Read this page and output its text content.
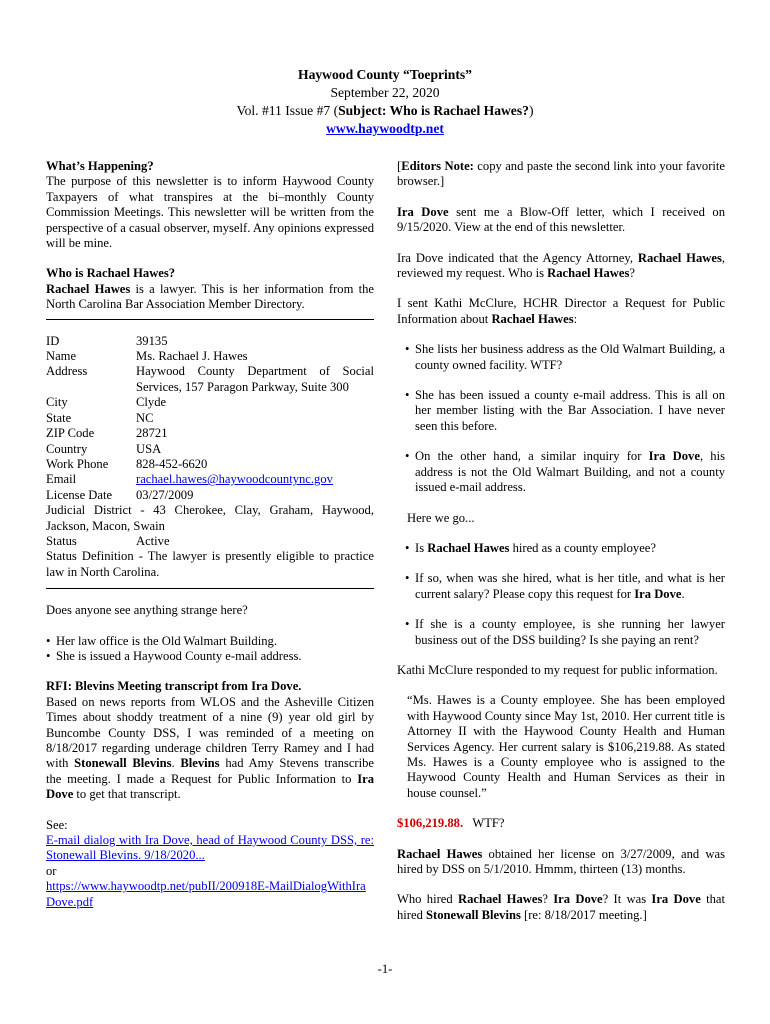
Haywood County “Toeprints”
September 22, 2020
Vol. #11 Issue #7 (Subject: Who is Rachael Hawes?)
www.haywoodtp.net

What’s Happening?

The purpose of this newsletter is to inform Haywood County Taxpayers of what transpires at the bi–monthly County Commission Meetings. This newsletter will be written from the perspective of a casual observer, myself. Any opinions expressed will be mine.

Who is Rachael Hawes?

Rachael Hawes is a lawyer. This is her information from the North Carolina Bar Association Member Directory.

ID	39135
Name	Ms. Rachael J. Hawes
Address	Haywood County Department of Social Services, 157 Paragon Parkway, Suite 300
City	Clyde
State	NC
ZIP Code	28721
Country	USA
Work Phone	828-452-6620
Email	rachael.hawes@haywoodcountync.gov
License Date	03/27/2009
Judicial District - 43 Cherokee, Clay, Graham, Haywood, Jackson, Macon, Swain
Status	Active
Status Definition - The lawyer is presently eligible to practice law in North Carolina.

Does anyone see anything strange here?

• Her law office is the Old Walmart Building.
• She is issued a Haywood County e-mail address.

RFI: Blevins Meeting transcript from Ira Dove.

Based on news reports from WLOS and the Asheville Citizen Times about shoddy treatment of a nine (9) year old girl by Buncombe County DSS, I was reminded of a meeting on 8/18/2017 regarding underage children Terry Ramey and I had with Stonewall Blevins. Blevins had Amy Stevens transcribe the meeting. I made a Request for Public Information to Ira Dove to get that transcript.

See:

E-mail dialog with Ira Dove, head of Haywood County DSS, re: Stonewall Blevins. 9/18/2020...

or

https://www.haywoodtp.net/pubII/200918E-MailDialogWithIraDove.pdf

[Editors Note: copy and paste the second link into your favorite browser.]

Ira Dove sent me a Blow-Off letter, which I received on 9/15/2020. View at the end of this newsletter.

Ira Dove indicated that the Agency Attorney, Rachael Hawes, reviewed my request. Who is Rachael Hawes?

I sent Kathi McClure, HCHR Director a Request for Public Information about Rachael Hawes:

• She lists her business address as the Old Walmart Building, a county owned facility. WTF?
• She has been issued a county e-mail address. This is all on her member listing with the Bar Association. I have never seen this before.
• On the other hand, a similar inquiry for Ira Dove, his address is not the Old Walmart Building, and not a county issued e-mail address.

Here we go...

• Is Rachael Hawes hired as a county employee?
• If so, when was she hired, what is her title, and what is her current salary? Please copy this request for Ira Dove.
• If she is a county employee, is she running her lawyer business out of the DSS building? Is she paying an rent?

Kathi McClure responded to my request for public information.

“Ms. Hawes is a County employee. She has been employed with Haywood County since May 1st, 2010. Her current title is Attorney II with the Haywood County Health and Human Services Agency. Her current salary is $106,219.88. As stated Ms. Hawes is a County employee who is assigned to the Haywood County Health and Human Services as their in house counsel.”

$106,219.88.   WTF?

Rachael Hawes obtained her license on 3/27/2009, and was hired by DSS on 5/1/2010. Hmmm, thirteen (13) months.

Who hired Rachael Hawes? Ira Dove? It was Ira Dove that hired Stonewall Blevins [re: 8/18/2017 meeting.]

-1-
